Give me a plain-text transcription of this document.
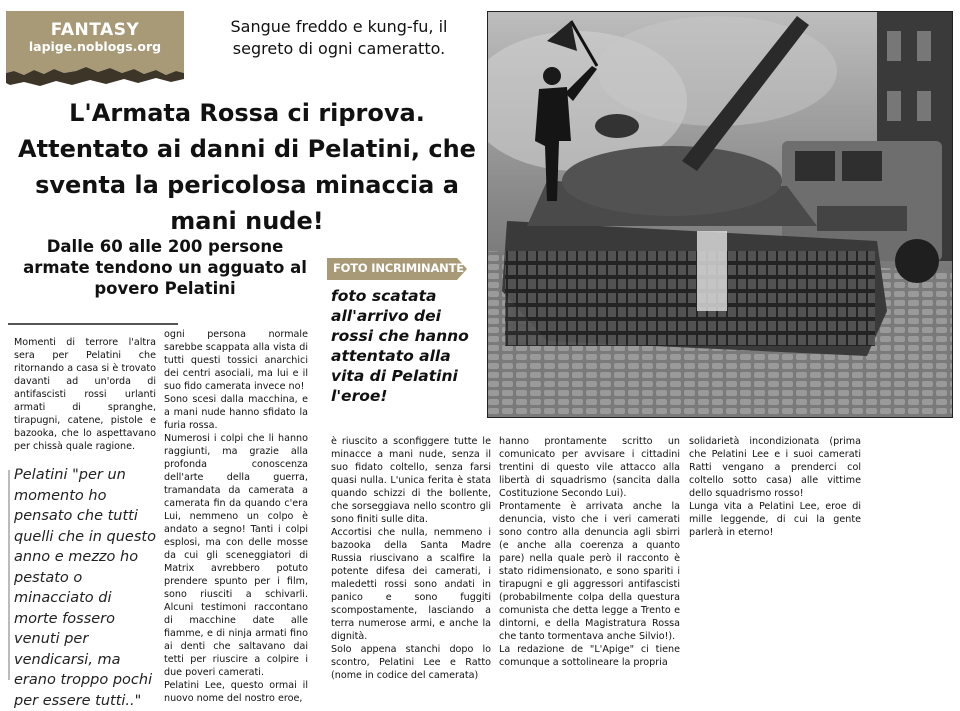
FANTASY
lapige.noblogs.org
Sangue freddo e kung-fu, il segreto di ogni cameratto.
L'Armata Rossa ci riprova. Attentato ai danni di Pelatini, che sventa la pericolosa minaccia a mani nude!
Dalle 60 alle 200 persone armate tendono un agguato al povero Pelatini
FOTO INCRIMINANTE
foto scatata all'arrivo dei rossi che hanno attentato alla vita di Pelatini l'eroe!
Momenti di terrore l'altra sera per Pelatini che ritornando a casa si è trovato davanti ad un'orda di antifascisti rossi urlanti armati di spranghe, tirapugni, catene, pistole e bazooka, che lo aspettavano per chissà quale ragione.
Pelatini "per un momento ho pensato che tutti quelli che in questo anno e mezzo ho pestato o minacciato di morte fossero venuti per vendicarsi, ma erano troppo pochi per essere tutti.."

ogni persona normale sarebbe scappata alla vista di tutti questi tossici anarchici dei centri asociali, ma lui e il suo fido camerata invece no!

Sono scesi dalla macchina, e a mani nude hanno sfidato la furia rossa.

Numerosi i colpi che li hanno raggiunti, ma grazie alla profonda conoscenza dell'arte della guerra, tramandata da camerata a camerata fin da quando c'era Lui, nemmeno un colpo è andato a segno! Tanti i colpi esplosi, ma con delle mosse da cui gli sceneggiatori di Matrix avrebbero potuto prendere spunto per i film, sono riusciti a schivarli. Alcuni testimoni raccontano di macchine date alle fiamme, e di ninja armati fino ai denti che saltavano dai tetti per riuscire a colpire i due poveri camerati.

Pelatini Lee, questo ormai il nuovo nome del nostro eroe,

è riuscito a sconfiggere tutte le minacce a mani nude, senza il suo fidato coltello, senza farsi quasi nulla. L'unica ferita è stata quando schizzi di the bollente, che sorseggiava nello scontro gli sono finiti sulle dita.

Accortisi che nulla, nemmeno i bazooka della Santa Madre Russia riuscivano a scalfire la potente difesa dei camerati, i maledetti rossi sono andati in panico e sono fuggiti scompostamente, lasciando a terra numerose armi, e anche la dignità.

Solo appena stanchi dopo lo scontro, Pelatini Lee e Ratto (nome in codice del camerata)

hanno prontamente scritto un comunicato per avvisare i cittadini trentini di questo vile attacco alla libertà di squadrismo (sancita dalla Costituzione Secondo Lui).

Prontamente è arrivata anche la denuncia, visto che i veri camerati sono contro alla denuncia agli sbirri (e anche alla coerenza a quanto pare) nella quale però il racconto è stato ridimensionato, e sono spariti i tirapugni e gli aggressori antifascisti (probabilmente colpa della questura comunista che detta legge a Trento e dintorni, e della Magistratura Rossa che tanto tormentava anche Silvio!).

La redazione de "L'Apige" ci tiene comunque a sottolineare la propria

solidarietà incondizionata (prima che Pelatini Lee e i suoi camerati Ratti vengano a prenderci col coltello sotto casa) alle vittime dello squadrismo rosso!

Lunga vita a Pelatini Lee, eroe di mille leggende, di cui la gente parlerà in eterno!
